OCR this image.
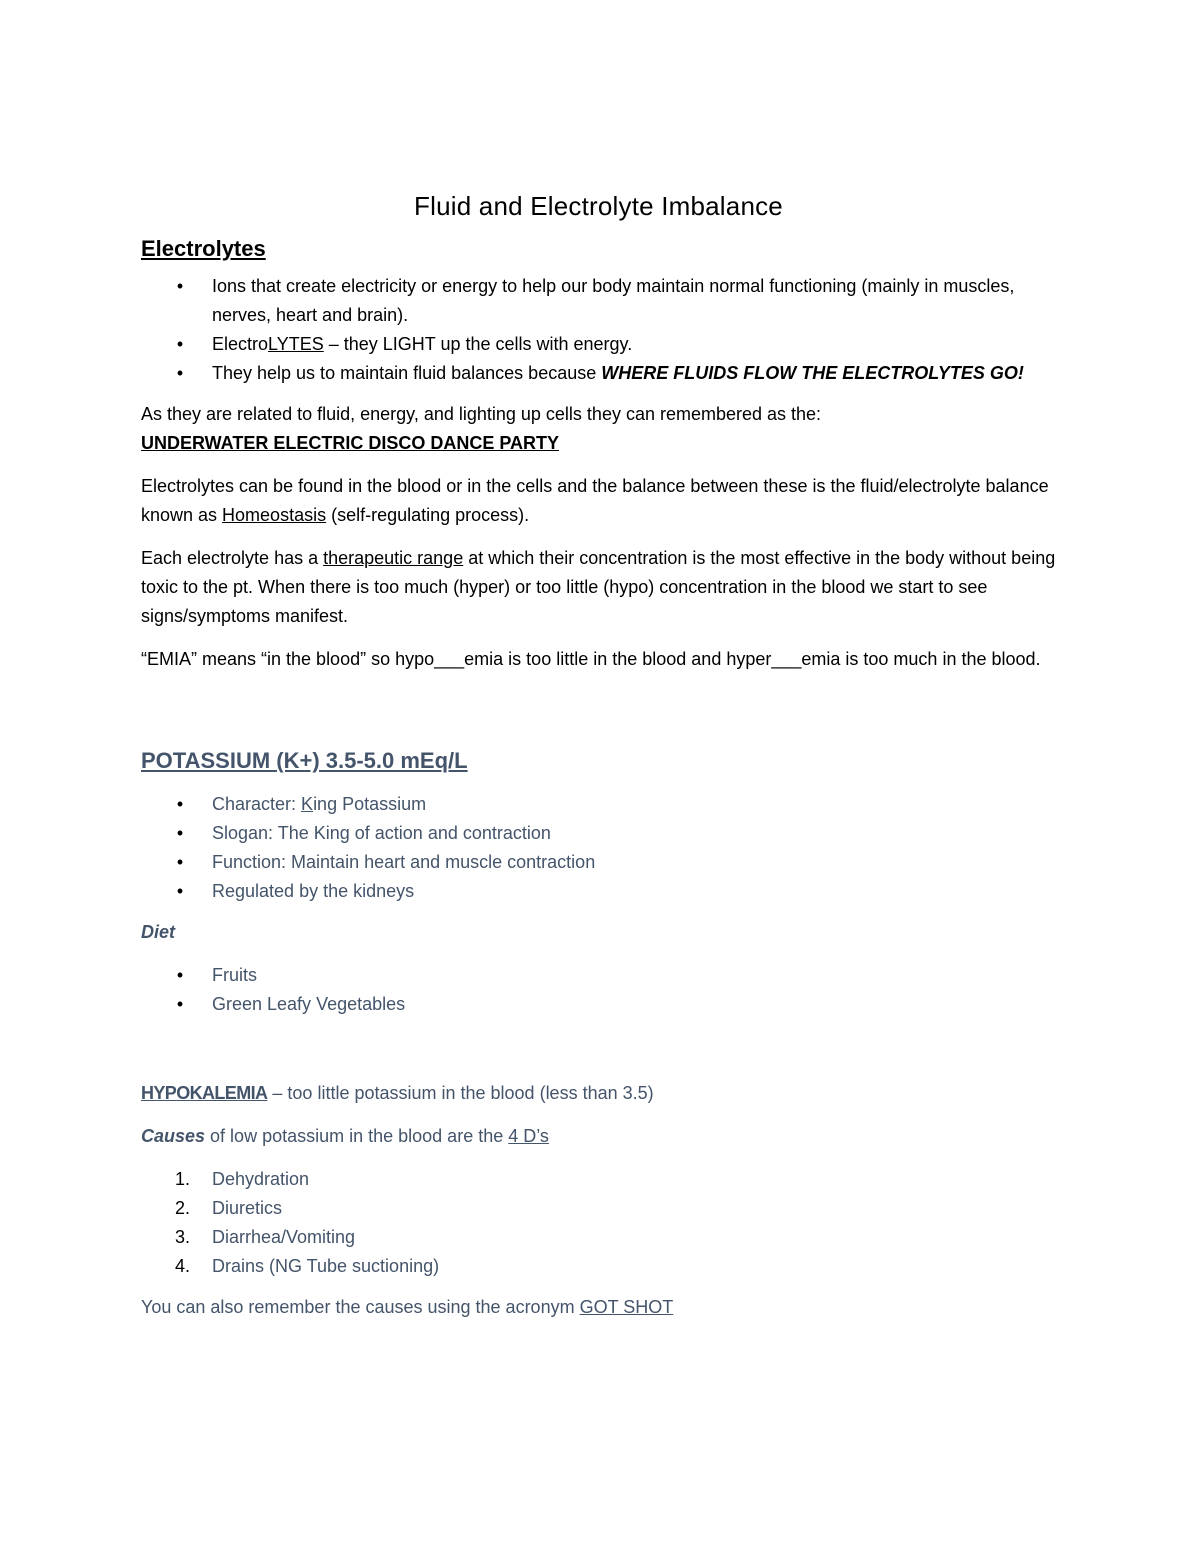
Fluid and Electrolyte Imbalance
Electrolytes
• Ions that create electricity or energy to help our body maintain normal functioning (mainly in muscles, nerves, heart and brain).
• ElectroLYTES – they LIGHT up the cells with energy.
• They help us to maintain fluid balances because WHERE FLUIDS FLOW THE ELECTROLYTES GO!

As they are related to fluid, energy, and lighting up cells they can remembered as the:
UNDERWATER ELECTRIC DISCO DANCE PARTY

Electrolytes can be found in the blood or in the cells and the balance between these is the fluid/electrolyte balance known as Homeostasis (self-regulating process).

Each electrolyte has a therapeutic range at which their concentration is the most effective in the body without being toxic to the pt. When there is too much (hyper) or too little (hypo) concentration in the blood we start to see signs/symptoms manifest.

“EMIA” means “in the blood” so hypo___emia is too little in the blood and hyper___emia is too much in the blood.

POTASSIUM (K+) 3.5-5.0 mEq/L
• Character: King Potassium
• Slogan: The King of action and contraction
• Function: Maintain heart and muscle contraction
• Regulated by the kidneys
Diet
• Fruits
• Green Leafy Vegetables

HYPOKALEMIA – too little potassium in the blood (less than 3.5)

Causes of low potassium in the blood are the 4 D’s

1. Dehydration
2. Diuretics
3. Diarrhea/Vomiting
4. Drains (NG Tube suctioning)

You can also remember the causes using the acronym GOT SHOT
